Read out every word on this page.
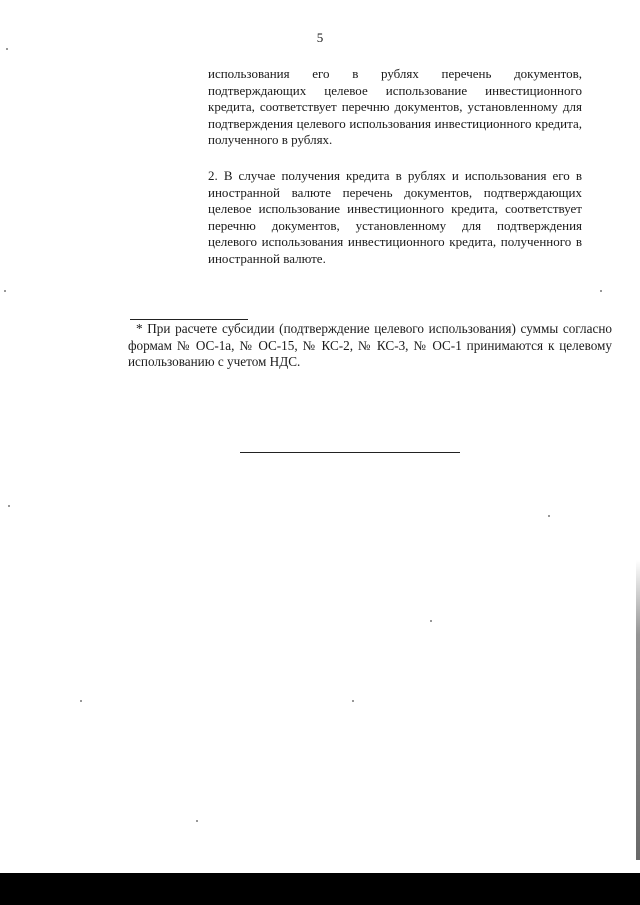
5

использования его в рублях перечень документов, подтверждающих целевое использование инвестиционного кредита, соответствует перечню документов, установленному для подтверждения целевого использования инвестиционного кредита, полученного в рублях.

2. В случае получения кредита в рублях и использования его в иностранной валюте перечень документов, подтверждающих целевое использование инвестиционного кредита, соответствует перечню документов, установленному для подтверждения целевого использования инвестиционного кредита, полученного в иностранной валюте.

* При расчете субсидии (подтверждение целевого использования) суммы согласно формам № ОС-1а, № ОС-15, № КС-2, № КС-3, № ОС-1 принимаются к целевому использованию с учетом НДС.
